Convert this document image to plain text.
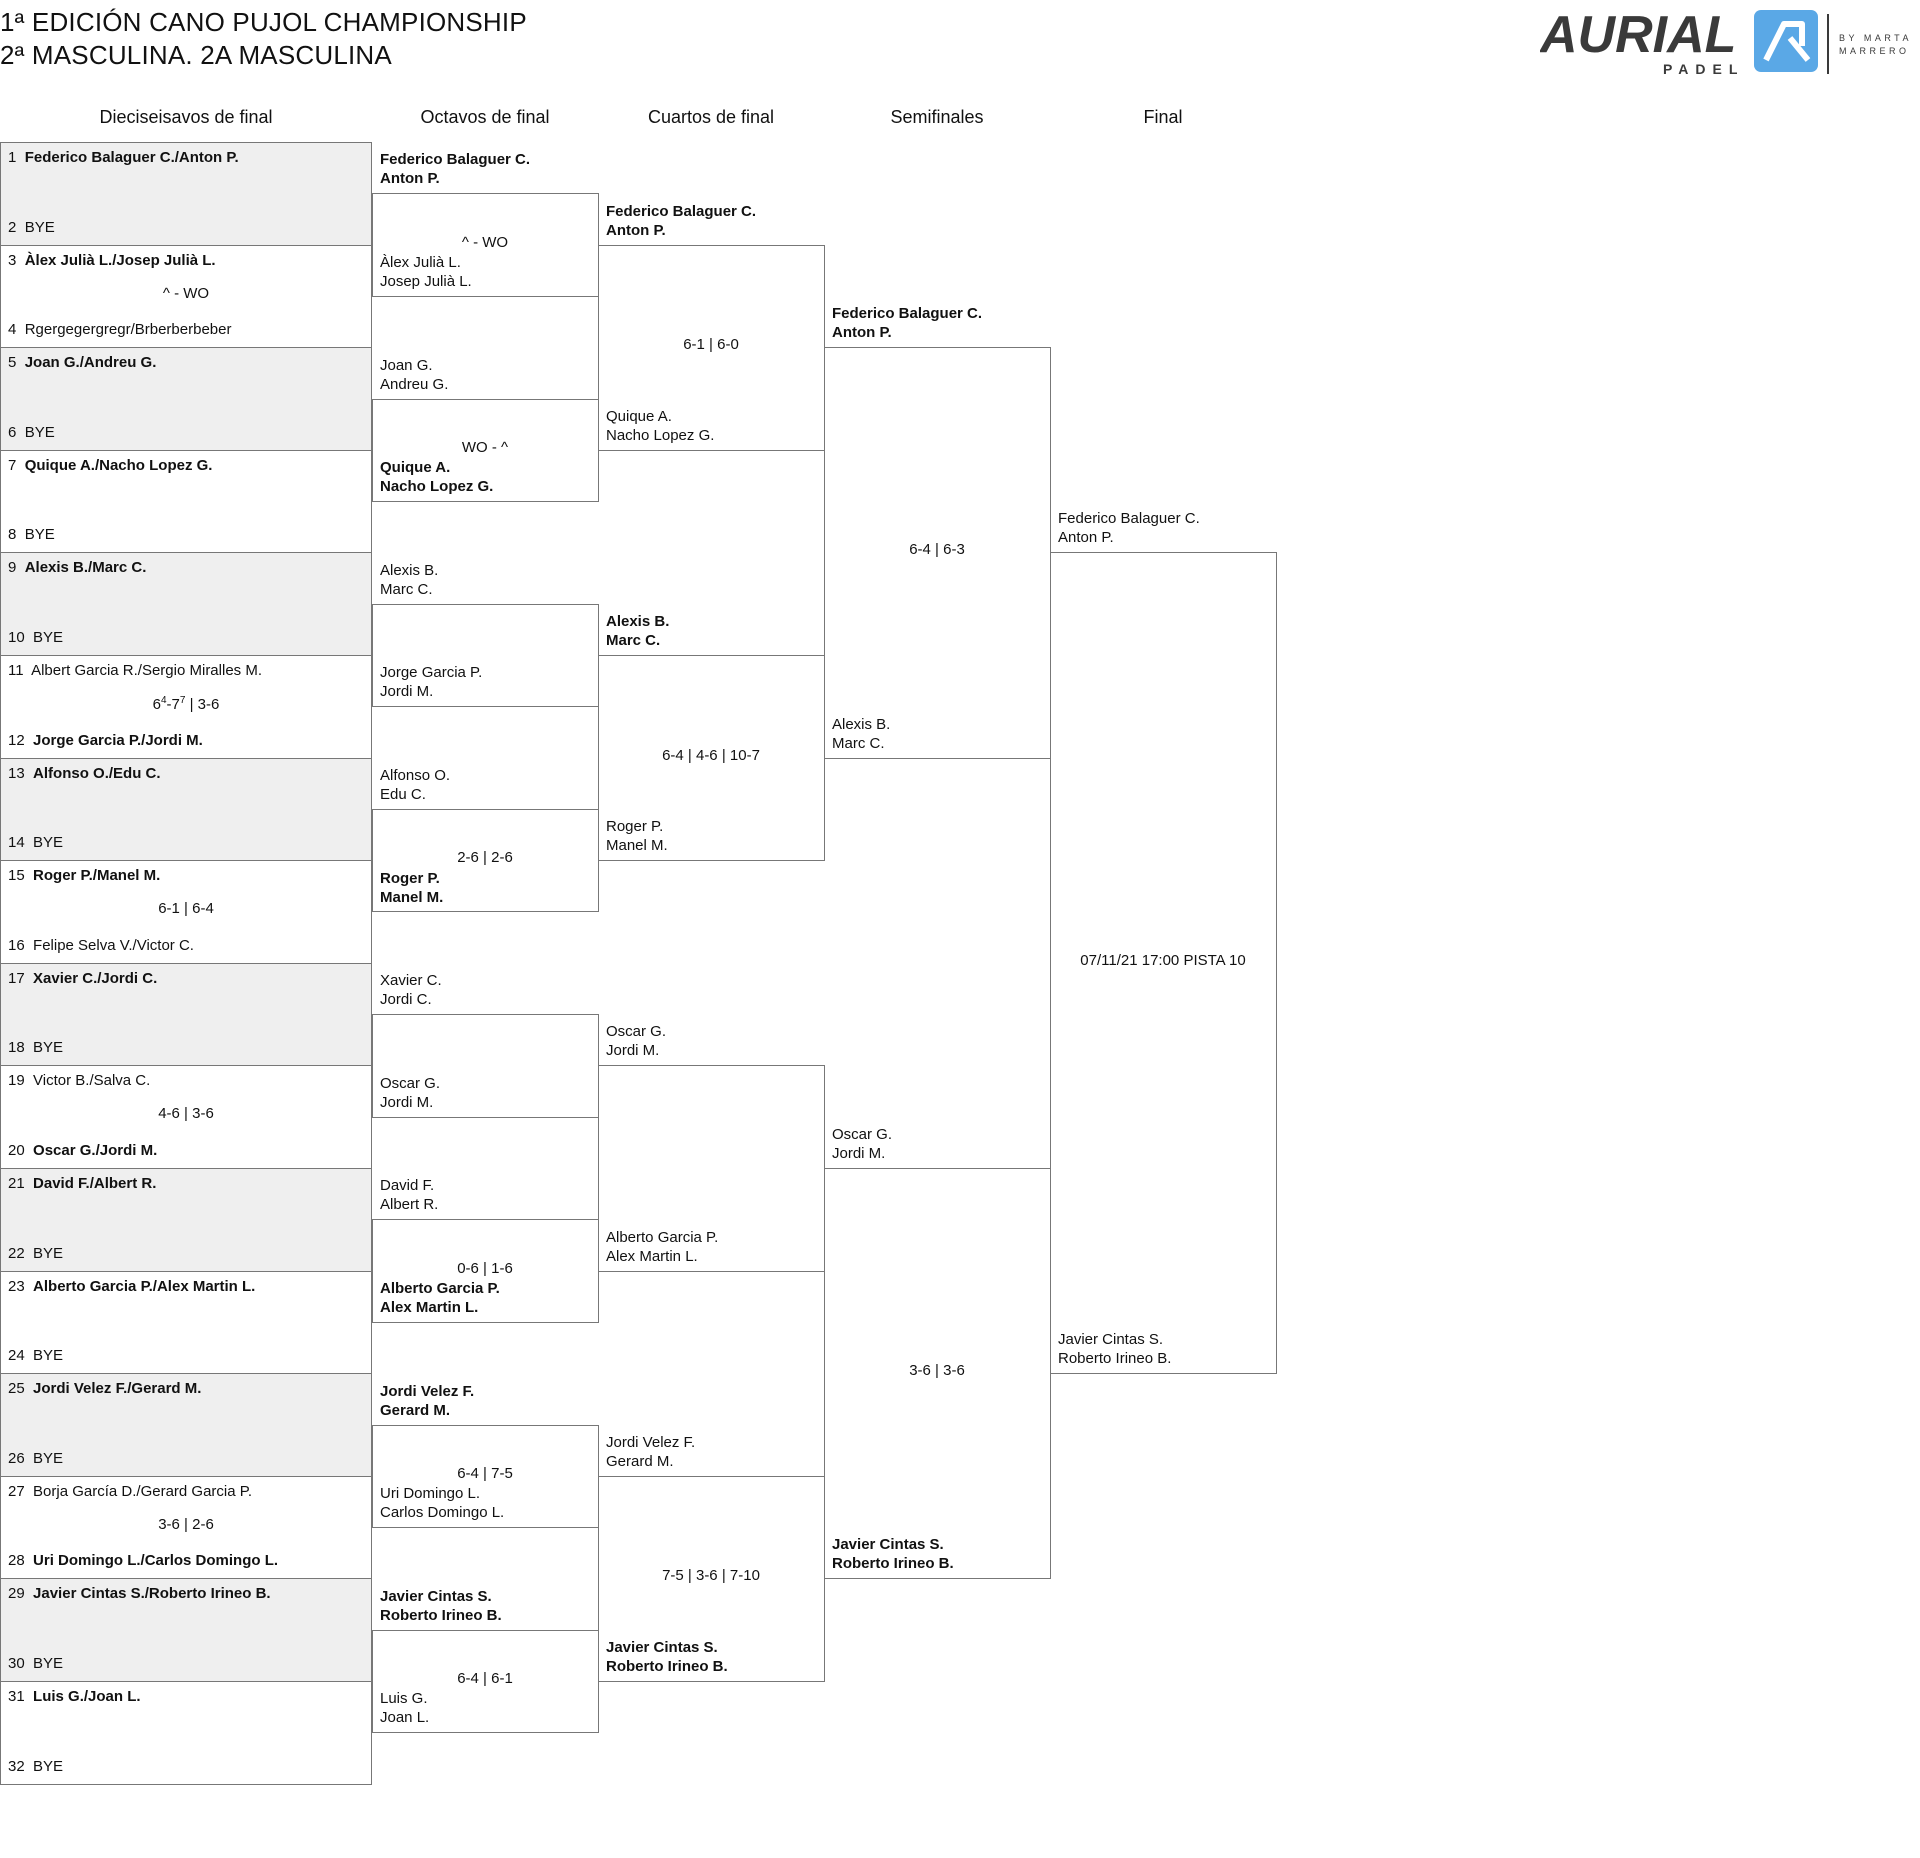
1ª EDICIÓN CANO PUJOL CHAMPIONSHIP
2ª MASCULINA. 2A MASCULINA	AURIAL
PADEL
BY MARTA
MARRERO
Dieciseisavos de final	Octavos de final	Cuartos de final	Semifinales	Final
1 Federico Balaguer C./Anton P.
2 BYE
3 Àlex Julià L./Josep Julià L.
4 Rgergegergregr/Brberberbeber
^ - WO
5 Joan G./Andreu G.
6 BYE
7 Quique A./Nacho Lopez G.
8 BYE
9 Alexis B./Marc C.
10 BYE
11 Albert Garcia R./Sergio Miralles M.
12 Jorge Garcia P./Jordi M.
$6^4-7^7$ | 3-6
13 Alfonso O./Edu C.
14 BYE
15 Roger P./Manel M.
16 Felipe Selva V./Victor C.
6-1 | 6-4
17 Xavier C./Jordi C.
18 BYE
19 Victor B./Salva C.
20 Oscar G./Jordi M.
4-6 | 3-6
21 David F./Albert R.
22 BYE
23 Alberto Garcia P./Alex Martin L.
24 BYE
25 Jordi Velez F./Gerard M.
26 BYE
27 Borja García D./Gerard Garcia P.
28 Uri Domingo L./Carlos Domingo L.
3-6 | 2-6
29 Javier Cintas S./Roberto Irineo B.
30 BYE
31 Luis G./Joan L.
32 BYE
Federico Balaguer C.
Anton P.
Àlex Julià L.
Josep Julià L.
^ - WO
Joan G.
Andreu G.
Quique A.
Nacho Lopez G.
WO - ^
Alexis B.
Marc C.
Jorge Garcia P.
Jordi M.
Alfonso O.
Edu C.
Roger P.
Manel M.
2-6 | 2-6
Xavier C.
Jordi C.
Oscar G.
Jordi M.
David F.
Albert R.
Alberto Garcia P.
Alex Martin L.
0-6 | 1-6
Jordi Velez F.
Gerard M.
Uri Domingo L.
Carlos Domingo L.
6-4 | 7-5
Javier Cintas S.
Roberto Irineo B.
Luis G.
Joan L.
6-4 | 6-1
Federico Balaguer C.
Anton P.
Quique A.
Nacho Lopez G.
6-1 | 6-0
Alexis B.
Marc C.
Roger P.
Manel M.
6-4 | 4-6 | 10-7
Oscar G.
Jordi M.
Alberto Garcia P.
Alex Martin L.
Jordi Velez F.
Gerard M.
Javier Cintas S.
Roberto Irineo B.
7-5 | 3-6 | 7-10
Federico Balaguer C.
Anton P.
Alexis B.
Marc C.
6-4 | 6-3
Oscar G.
Jordi M.
Javier Cintas S.
Roberto Irineo B.
3-6 | 3-6
Federico Balaguer C.
Anton P.
Javier Cintas S.
Roberto Irineo B.
07/11/21 17:00 PISTA 10
